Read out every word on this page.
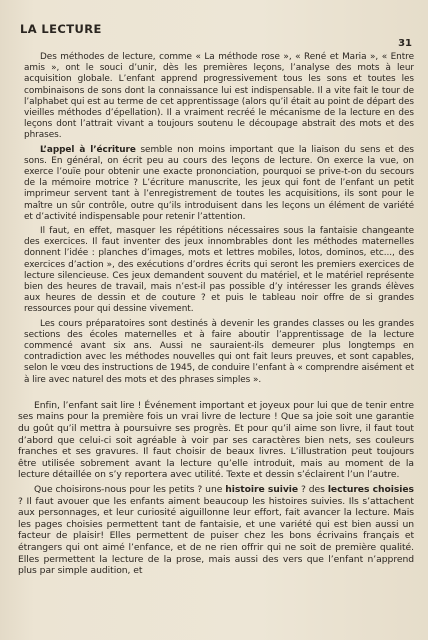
LA LECTURE
31

Des méthodes de lecture, comme « La méthode rose », « René et Maria », « Entre amis », ont le souci d’unir, dès les premières leçons, l’analyse des mots à leur acquisition globale. L’enfant apprend progressivement tous les sons et toutes les combinaisons de sons dont la connaissance lui est indispensable. Il a vite fait le tour de l’alphabet qui est au terme de cet apprentissage (alors qu’il était au point de départ des vieilles méthodes d’épellation). Il a vraiment recréé le mécanisme de la lecture en des leçons dont l’attrait vivant a toujours soutenu le découpage abstrait des mots et des phrases.

L’appel à l’écriture semble non moins important que la liaison du sens et des sons. En général, on écrit peu au cours des leçons de lecture. On exerce la vue, on exerce l’ouïe pour obtenir une exacte prononciation, pourquoi se prive-t-on du secours de la mémoire motrice ? L’écriture manuscrite, les jeux qui font de l’enfant un petit imprimeur servent tant à l’enregistrement de toutes les acquisitions, ils sont pour le maître un sûr contrôle, outre qu’ils introduisent dans les leçons un élément de variété et d’activité indispensable pour retenir l’attention.

Il faut, en effet, masquer les répétitions nécessaires sous la fantaisie changeante des exercices. Il faut inventer des jeux innombrables dont les méthodes maternelles donnent l’idée : planches d’images, mots et lettres mobiles, lotos, dominos, etc..., des exercices d’action », des exécutions d’ordres écrits qui seront les premiers exercices de lecture silencieuse. Ces jeux demandent souvent du matériel, et le matériel représente bien des heures de travail, mais n’est-il pas possible d’y intéresser les grands élèves aux heures de dessin et de couture ? et puis le tableau noir offre de si grandes ressources pour qui dessine vivement.

Les cours préparatoires sont destinés à devenir les grandes classes ou les grandes sections des écoles maternelles et à faire aboutir l’apprentissage de la lecture commencé avant six ans. Aussi ne sauraient-ils demeurer plus longtemps en contradiction avec les méthodes nouvelles qui ont fait leurs preuves, et sont capables, selon le vœu des instructions de 1945, de conduire l’enfant à « comprendre aisément et à lire avec naturel des mots et des phrases simples ».

Enfin, l’enfant sait lire ! Événement important et joyeux pour lui que de tenir entre ses mains pour la première fois un vrai livre de lecture ! Que sa joie soit une garantie du goût qu’il mettra à poursuivre ses progrès. Et pour qu’il aime son livre, il faut tout d’abord que celui-ci soit agréable à voir par ses caractères bien nets, ses couleurs franches et ses gravures. Il faut choisir de beaux livres. L’illustration peut toujours être utilisée sobrement avant la lecture qu’elle introduit, mais au moment de la lecture détaillée on s’y reportera avec utilité. Texte et dessin s’éclairent l’un l’autre.

Que choisirons-nous pour les petits ? une histoire suivie ? des lectures choisies ? Il faut avouer que les enfants aiment beaucoup les histoires suivies. Ils s’attachent aux personnages, et leur curiosité aiguillonne leur effort, fait avancer la lecture. Mais les pages choisies permettent tant de fantaisie, et une variété qui est bien aussi un facteur de plaisir! Elles permettent de puiser chez les bons écrivains français et étrangers qui ont aimé l’enfance, et de ne rien offrir qui ne soit de première qualité. Elles permettent la lecture de la prose, mais aussi des vers que l’enfant n’apprend plus par simple audition, et
